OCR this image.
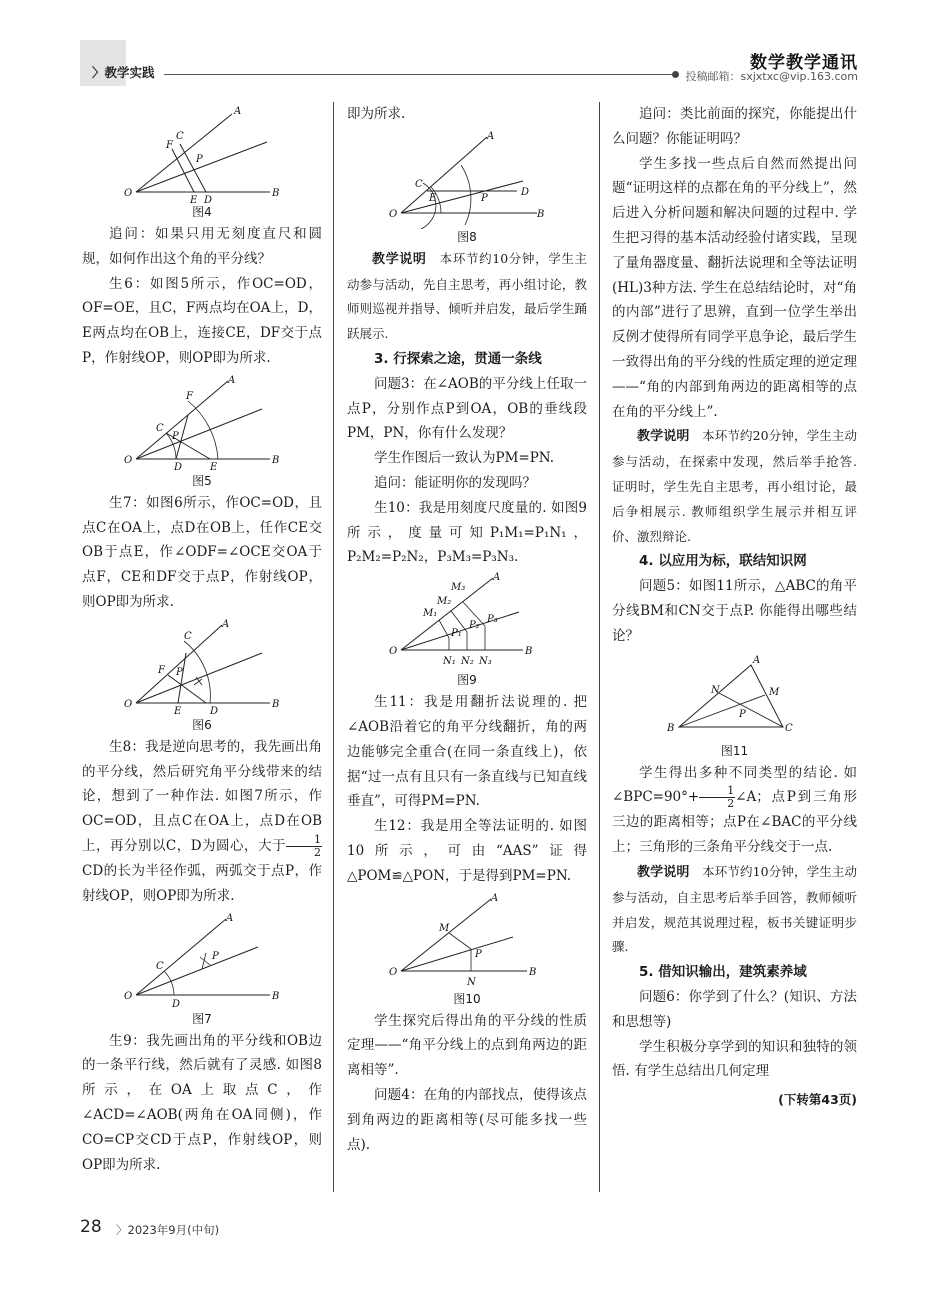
〉教学实践	数学教学通讯
投稿邮箱：sxjxtxc@vip.163.com
A
C
F
P
O
E D
B
图4

追问：如果只用无刻度直尺和圆规，如何作出这个角的平分线？

生6：如图5所示，作OC=OD，OF=OE，且C，F两点均在OA上，D，E两点均在OB上，连接CE，DF交于点P，作射线OP，则OP即为所求.

A
F
C
P
O
D	E
B
图5

生7：如图6所示，作OC=OD，且点C在OA上，点D在OB上，任作CE交OB于点E，作∠ODF=∠OCE交OA于点F，CE和DF交于点P，作射线OP，则OP即为所求.

A
C
F P
O
E	D
B
图6

生8：我是逆向思考的，我先画出角的平分线，然后研究角平分线带来的结论，想到了一种作法. 如图7所示，作OC=OD，且点C在OA上，点D在OB上，再分别以C，D为圆心，大于 $\frac{1}{2}$
CD的长为半径作弧，两弧交于点P，作射线OP，则OP即为所求.

A
C
P
O
D
B
图7

生9：我先画出角的平分线和OB边的一条平行线，然后就有了灵感. 如图8所示，在OA上取点C，作∠ACD=∠AOB(两角在OA同侧)，作CO=CP交CD于点P，作射线OP，则OP即为所求.

即为所求.

A
C
D
E	P
O	B
图8

教学说明　 本环节约10分钟，学生主动参与活动，先自主思考，再小组讨论，教师则巡视并指导、倾听并启发，最后学生踊跃展示.

3. 行探索之途，贯通一条线

问题3：在∠AOB的平分线上任取一点P，分别作点P到OA，OB的垂线段PM，PN，你有什么发现？

学生作图后一致认为PM=PN.

追问：能证明你的发现吗？

生10：我是用刻度尺度量的. 如图9所示，度量可知P₁M₁=P₁N₁，P₂M₂=P₂N₂，P₃M₃=P₃N₃.

M₃
M₂
M₁
A
P₃
P₂
P₁
O
N₁ N₂ N₃
B
图9

生11：我是用翻折法说理的. 把∠AOB沿着它的角平分线翻折，角的两边能够完全重合(在同一条直线上)，依据“过一点有且只有一条直线与已知直线垂直”，可得PM=PN.

生12：我是用全等法证明的. 如图10所示，可由“AAS”证得△POM≌△PON，于是得到PM=PN.

A
M
P
O
N
B
图10

学生探究后得出角的平分线的性质定理——“角平分线上的点到角两边的距离相等”.

问题4：在角的内部找点，使得该点到角两边的距离相等(尽可能多找一些点).

追问：类比前面的探究，你能提出什么问题？你能证明吗？

学生多找一些点后自然而然提出问题“证明这样的点都在角的平分线上”，然后进入分析问题和解决问题的过程中. 学生把习得的基本活动经验付诸实践，呈现了量角器度量、翻折法说理和全等法证明(HL)3种方法. 学生在总结结论时，对“角的内部”进行了思辨，直到一位学生举出反例才使得所有同学平息争论，最后学生一致得出角的平分线的性质定理的逆定理——“角的内部到角两边的距离相等的点在角的平分线上”.

教学说明　 本环节约20分钟，学生主动参与活动，在探索中发现，然后举手抢答. 证明时，学生先自主思考，再小组讨论，最后争相展示. 教师组织学生展示并相互评价、激烈辩论.

4. 以应用为标，联结知识网

问题5：如图11所示，△ABC的角平分线BM和CN交于点P. 你能得出哪些结论？

A
N	M
P
B	C
图11

学生得出多种不同类型的结论. 如∠BPC=90°+ $\frac{1}{2}$ ∠A；点P到三角形三边的距离相等；点P在∠BAC的平分线上；三角形的三条角平分线交于一点.

教学说明　 本环节约10分钟，学生主动参与活动，自主思考后举手回答，教师倾听并启发，规范其说理过程，板书关键证明步骤.

5. 借知识输出，建筑素养域

问题6：你学到了什么？(知识、方法和思想等)

学生积极分享学到的知识和独特的领悟. 有学生总结出几何定理

(下转第43页)
28 〉2023年9月(中旬)
